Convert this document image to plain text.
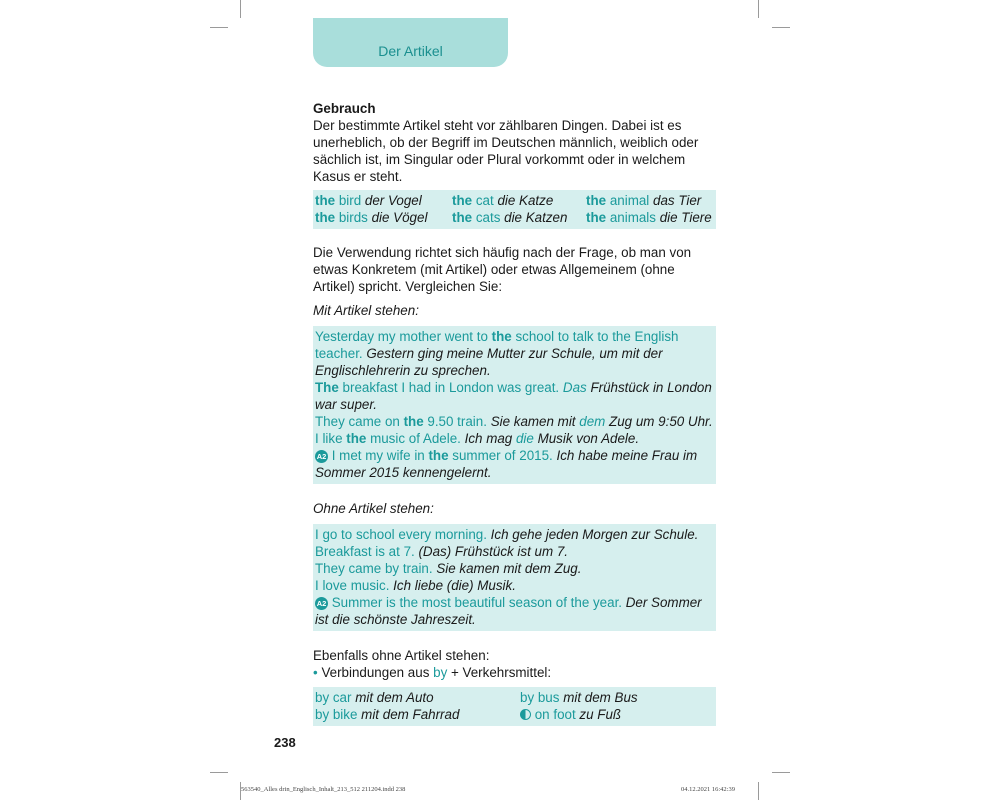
Der Artikel

Gebrauch

Der bestimmte Artikel steht vor zählbaren Dingen. Dabei ist es unerheblich, ob der Begriff im Deutschen männlich, weiblich oder sächlich ist, im Singular oder Plural vorkommt oder in welchem Kasus er steht.

the bird der Vogel	the cat die Katze	the animal das Tier
the birds die Vögel	the cats die Katzen	the animals die Tiere

Die Verwendung richtet sich häufig nach der Frage, ob man von etwas Konkretem (mit Artikel) oder etwas Allgemeinem (ohne Artikel) spricht. Vergleichen Sie:

Mit Artikel stehen:

Yesterday my mother went to the school to talk to the English teacher. Gestern ging meine Mutter zur Schule, um mit der Englischlehrerin zu sprechen.
The breakfast I had in London was great. Das Frühstück in London war super.
They came on the 9.50 train. Sie kamen mit dem Zug um 9:50 Uhr.
I like the music of Adele. Ich mag die Musik von Adele.
A2 I met my wife in the summer of 2015. Ich habe meine Frau im Sommer 2015 kennengelernt.

Ohne Artikel stehen:

I go to school every morning. Ich gehe jeden Morgen zur Schule.
Breakfast is at 7. (Das) Frühstück ist um 7.
They came by train. Sie kamen mit dem Zug.
I love music. Ich liebe (die) Musik.
A2 Summer is the most beautiful season of the year. Der Sommer ist die schönste Jahreszeit.

Ebenfalls ohne Artikel stehen:

• Verbindungen aus by + Verkehrsmittel:

by car mit dem Auto	by bus mit dem Bus
by bike mit dem Fahrrad	on foot zu Fuß
238
563540_Alles drin_Englisch_Inhalt_213_512 211204.indd 238	04.12.2021 16:42:39
